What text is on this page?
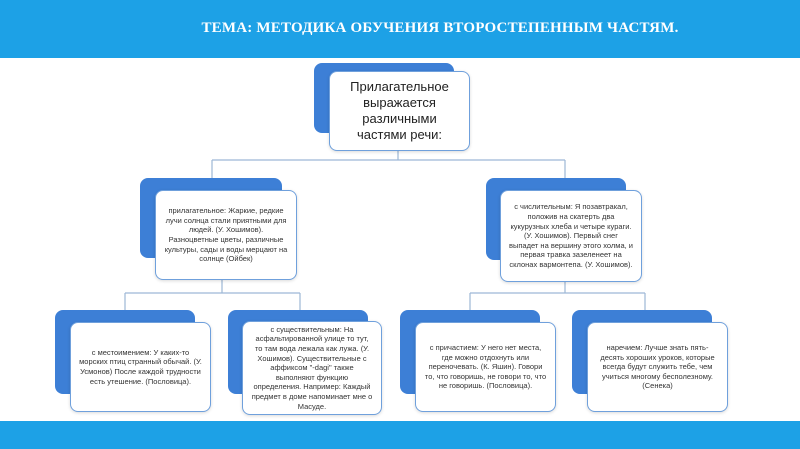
ТЕМА: МЕТОДИКА ОБУЧЕНИЯ ВТОРОСТЕПЕННЫМ ЧАСТЯМ.
Прилагательное выражается различными частями речи:
прилагательное: Жаркие, редкие лучи солнца стали приятными для людей. (У. Хошимов). Разноцветные цветы, различные культуры, сады и воды мерцают на солнце (Ойбек)
с числительным: Я позавтракал, положив на скатерть два кукурузных хлеба и четыре кураги. (У. Хошимов). Первый снег выпадет на вершину этого холма, и первая травка зазеленеет на склонах вармонтепа. (У. Хошимов).
с местоимением: У каких-то морских птиц странный обычай. (У. Усмонов) После каждой трудности есть утешение. (Пословица).
с существительным: На асфальтированной улице то тут, то там вода лежала как лужа. (У. Хошимов). Существительные с аффиксом "-dagi" также выполняют функцию определения. Например: Каждый предмет в доме напоминает мне о Масуде.
с причастием: У него нет места, где можно отдохнуть или переночевать. (К. Яшин). Говори то, что говоришь, не говори то, что не говоришь. (Пословица).
наречием: Лучше знать пять-десять хороших уроков, которые всегда будут служить тебе, чем учиться многому бесполезному. (Сенека)
